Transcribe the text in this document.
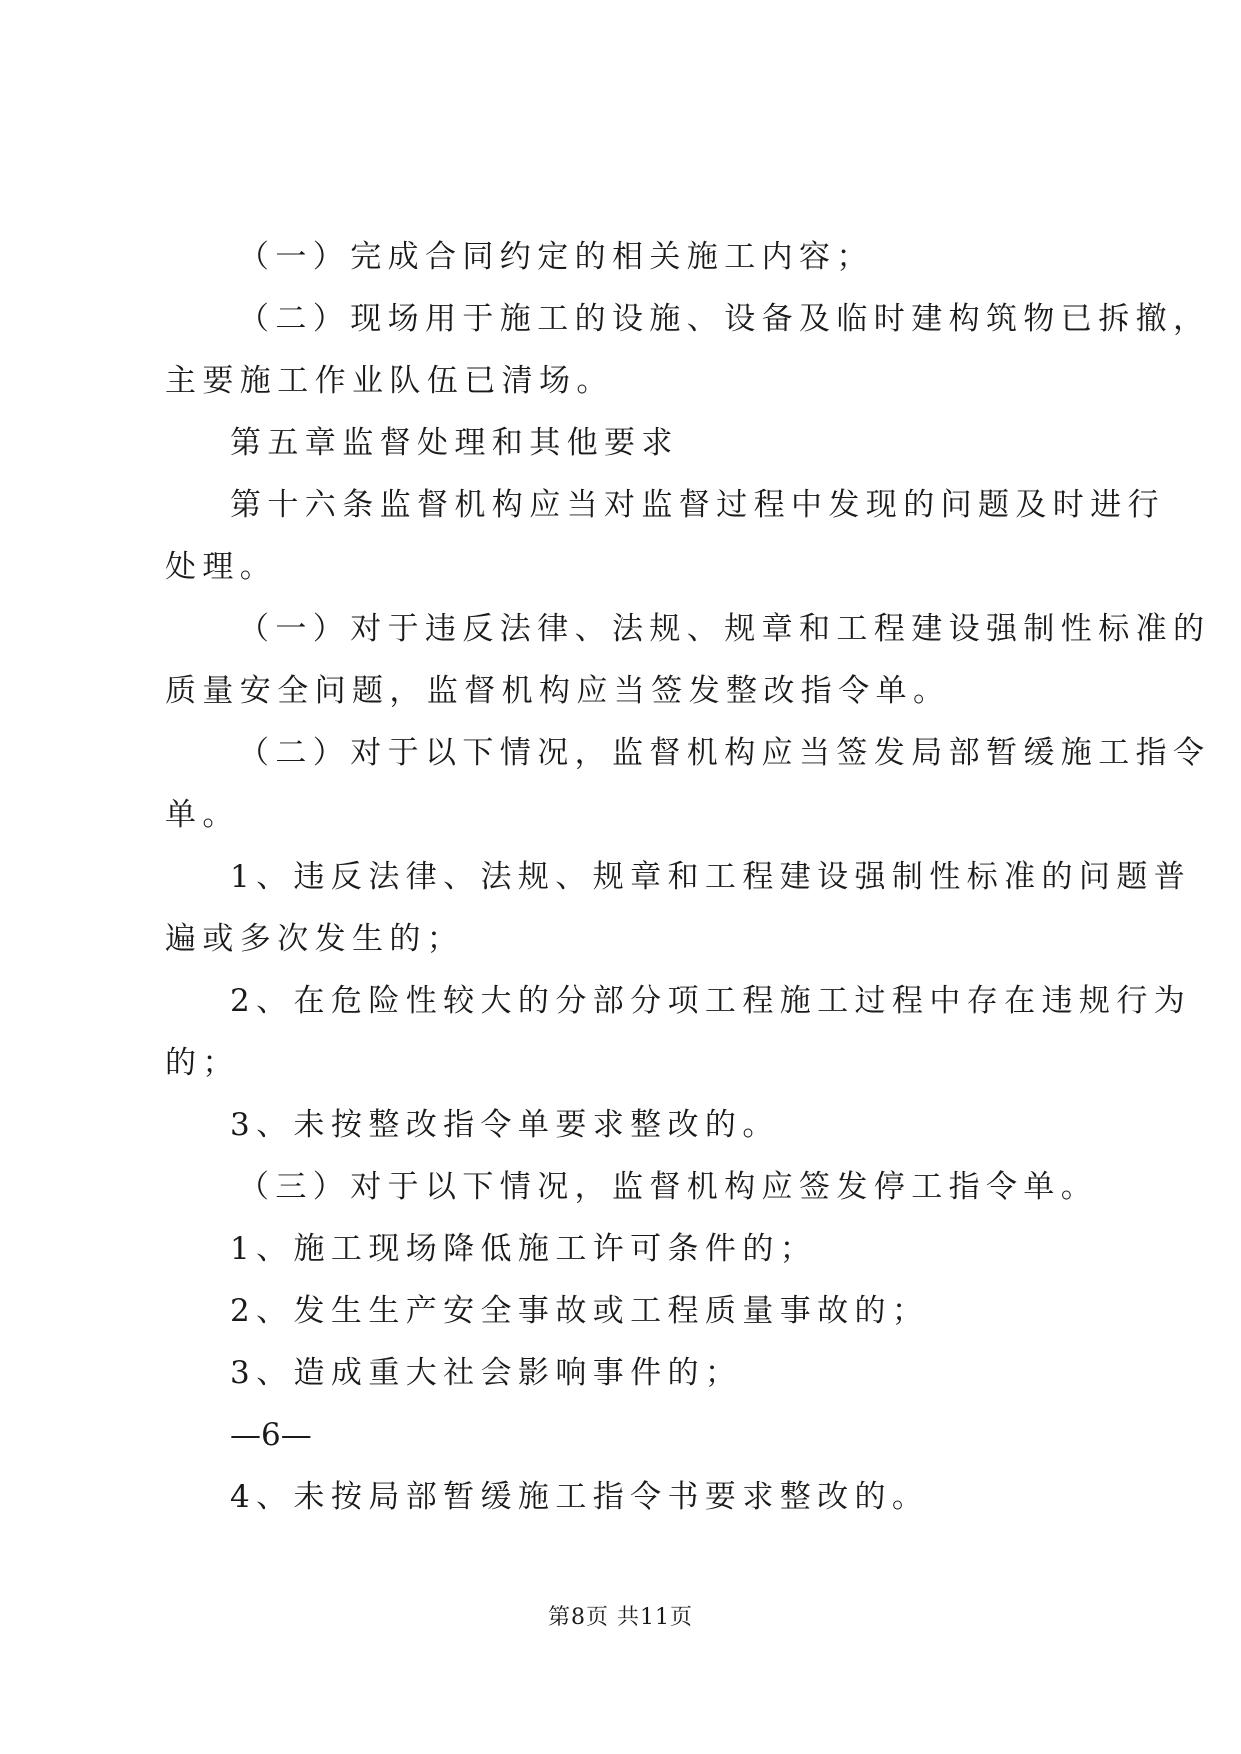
（一）完成合同约定的相关施工内容；
（二）现场用于施工的设施、设备及临时建构筑物已拆撤，
主要施工作业队伍已清场。
第五章监督处理和其他要求
第十六条监督机构应当对监督过程中发现的问题及时进行
处理。
（一）对于违反法律、法规、规章和工程建设强制性标准的
质量安全问题，监督机构应当签发整改指令单。
（二）对于以下情况，监督机构应当签发局部暂缓施工指令
单。
1、违反法律、法规、规章和工程建设强制性标准的问题普
遍或多次发生的；
2、在危险性较大的分部分项工程施工过程中存在违规行为
的；
3、未按整改指令单要求整改的。
（三）对于以下情况，监督机构应签发停工指令单。
1、施工现场降低施工许可条件的；
2、发生生产安全事故或工程质量事故的；
3、造成重大社会影响事件的；
—6—
4、未按局部暂缓施工指令书要求整改的。
第8页 共11页
